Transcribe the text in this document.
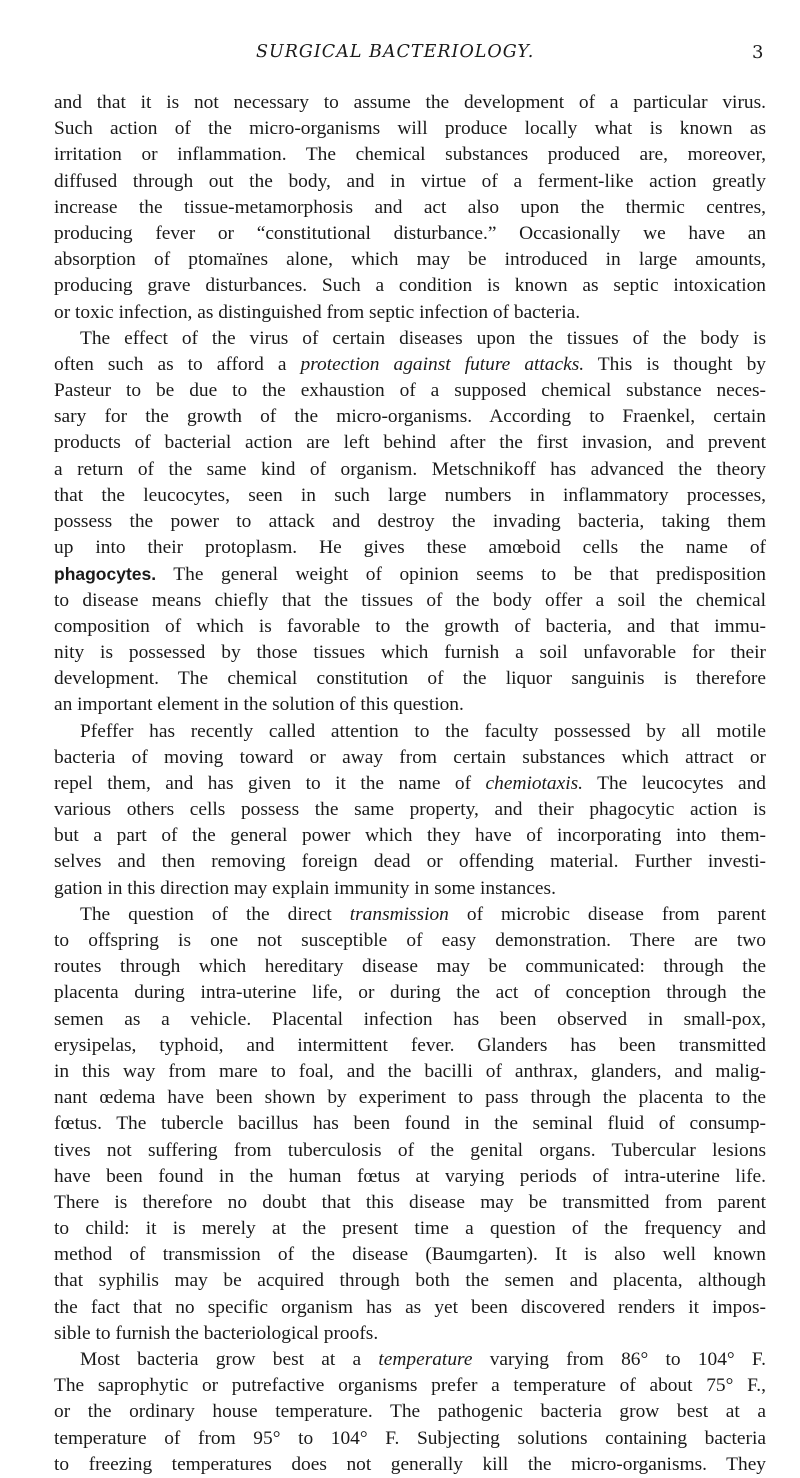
SURGICAL BACTERIOLOGY.	3
and that it is not necessary to assume the development of a particular virus.
Such action of the micro-organisms will produce locally what is known as
irritation or inflammation. The chemical substances produced are, moreover,
diffused through out the body, and in virtue of a ferment-like action greatly
increase the tissue-metamorphosis and act also upon the thermic centres,
producing fever or “constitutional disturbance.” Occasionally we have an
absorption of ptomaïnes alone, which may be introduced in large amounts,
producing grave disturbances. Such a condition is known as septic intoxication
or toxic infection, as distinguished from septic infection of bacteria.
The effect of the virus of certain diseases upon the tissues of the body is
often such as to afford a protection against future attacks. This is thought by
Pasteur to be due to the exhaustion of a supposed chemical substance neces-
sary for the growth of the micro-organisms. According to Fraenkel, certain
products of bacterial action are left behind after the first invasion, and prevent
a return of the same kind of organism. Metschnikoff has advanced the theory
that the leucocytes, seen in such large numbers in inflammatory processes,
possess the power to attack and destroy the invading bacteria, taking them
up into their protoplasm. He gives these amœboid cells the name of
phagocytes. The general weight of opinion seems to be that predisposition
to disease means chiefly that the tissues of the body offer a soil the chemical
composition of which is favorable to the growth of bacteria, and that immu-
nity is possessed by those tissues which furnish a soil unfavorable for their
development. The chemical constitution of the liquor sanguinis is therefore
an important element in the solution of this question.
Pfeffer has recently called attention to the faculty possessed by all motile
bacteria of moving toward or away from certain substances which attract or
repel them, and has given to it the name of chemiotaxis. The leucocytes and
various others cells possess the same property, and their phagocytic action is
but a part of the general power which they have of incorporating into them-
selves and then removing foreign dead or offending material. Further investi-
gation in this direction may explain immunity in some instances.
The question of the direct transmission of microbic disease from parent
to offspring is one not susceptible of easy demonstration. There are two
routes through which hereditary disease may be communicated: through the
placenta during intra-uterine life, or during the act of conception through the
semen as a vehicle. Placental infection has been observed in small-pox,
erysipelas, typhoid, and intermittent fever. Glanders has been transmitted
in this way from mare to foal, and the bacilli of anthrax, glanders, and malig-
nant œdema have been shown by experiment to pass through the placenta to the
fœtus. The tubercle bacillus has been found in the seminal fluid of consump-
tives not suffering from tuberculosis of the genital organs. Tubercular lesions
have been found in the human fœtus at varying periods of intra-uterine life.
There is therefore no doubt that this disease may be transmitted from parent
to child: it is merely at the present time a question of the frequency and
method of transmission of the disease (Baumgarten). It is also well known
that syphilis may be acquired through both the semen and placenta, although
the fact that no specific organism has as yet been discovered renders it impos-
sible to furnish the bacteriological proofs.
Most bacteria grow best at a temperature varying from 86° to 104° F.
The saprophytic or putrefactive organisms prefer a temperature of about 75° F.,
or the ordinary house temperature. The pathogenic bacteria grow best at a
temperature of from 95° to 104° F. Subjecting solutions containing bacteria
to freezing temperatures does not generally kill the micro-organisms. They
